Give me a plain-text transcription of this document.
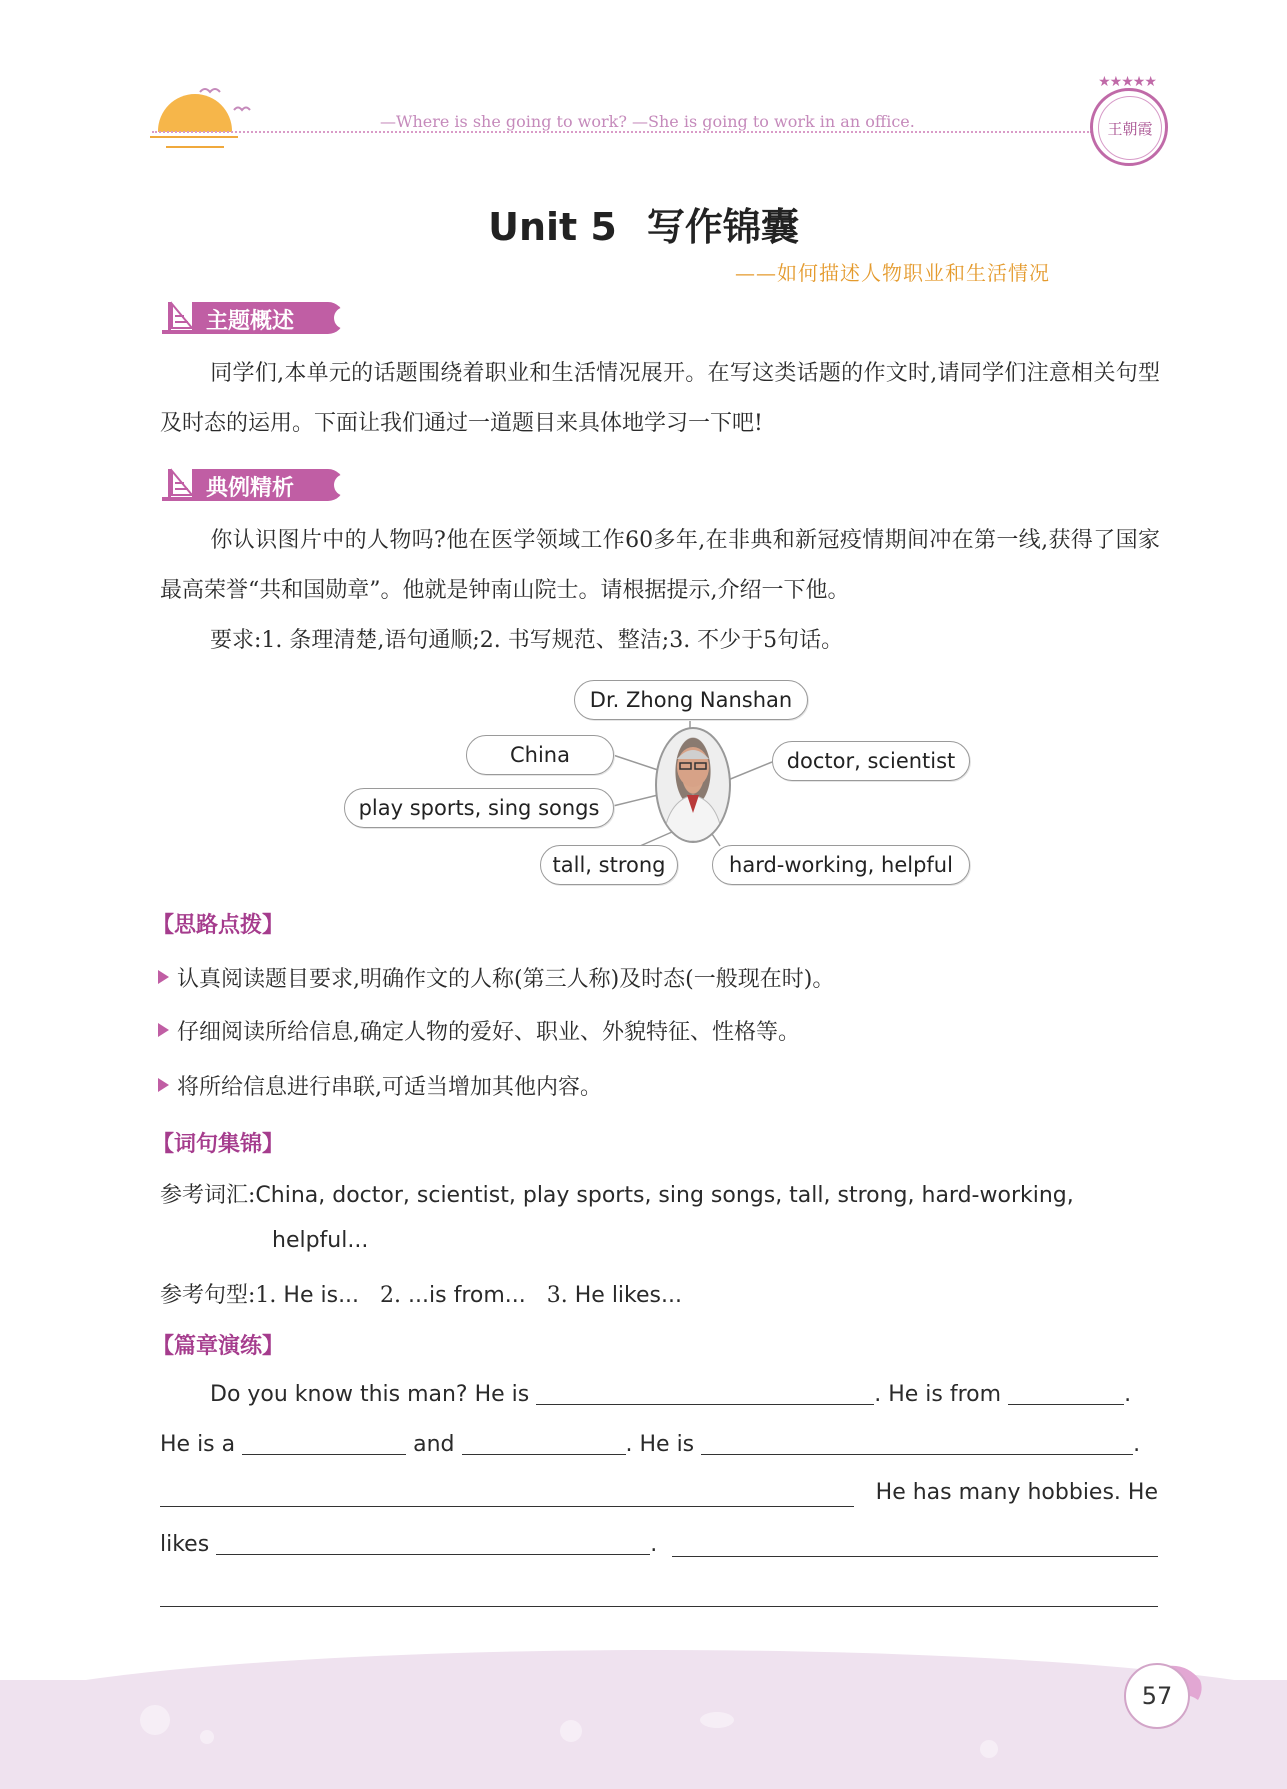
—Where is she going to work? —She is going to work in an office.
★★★★★
王朝霞
Unit 5 写作锦囊
——如何描述人物职业和生活情况
主题概述
同学们,本单元的话题围绕着职业和生活情况展开。在写这类话题的作文时,请同学们注意相关句型及时态的运用。下面让我们通过一道题目来具体地学习一下吧!
典例精析
你认识图片中的人物吗?他在医学领域工作60多年,在非典和新冠疫情期间冲在第一线,获得了国家最高荣誉“共和国勋章”。他就是钟南山院士。请根据提示,介绍一下他。
要求:1. 条理清楚,语句通顺;2. 书写规范、整洁;3. 不少于5句话。
Dr. Zhong Nanshan
China
play sports, sing songs
doctor, scientist
tall, strong	hard-working, helpful
【思路点拨】
认真阅读题目要求,明确作文的人称(第三人称)及时态(一般现在时)。
仔细阅读所给信息,确定人物的爱好、职业、外貌特征、性格等。
将所给信息进行串联,可适当增加其他内容。
【词句集锦】
参考词汇:China, doctor, scientist, play sports, sing songs, tall, strong, hard-working,
helpful...
参考句型:1. He is... 2. ...is from... 3. He likes...
【篇章演练】
Do you know this man? He is	. He is from	.
He is a	and	. He is	.
He has many hobbies. He
likes	.
57
